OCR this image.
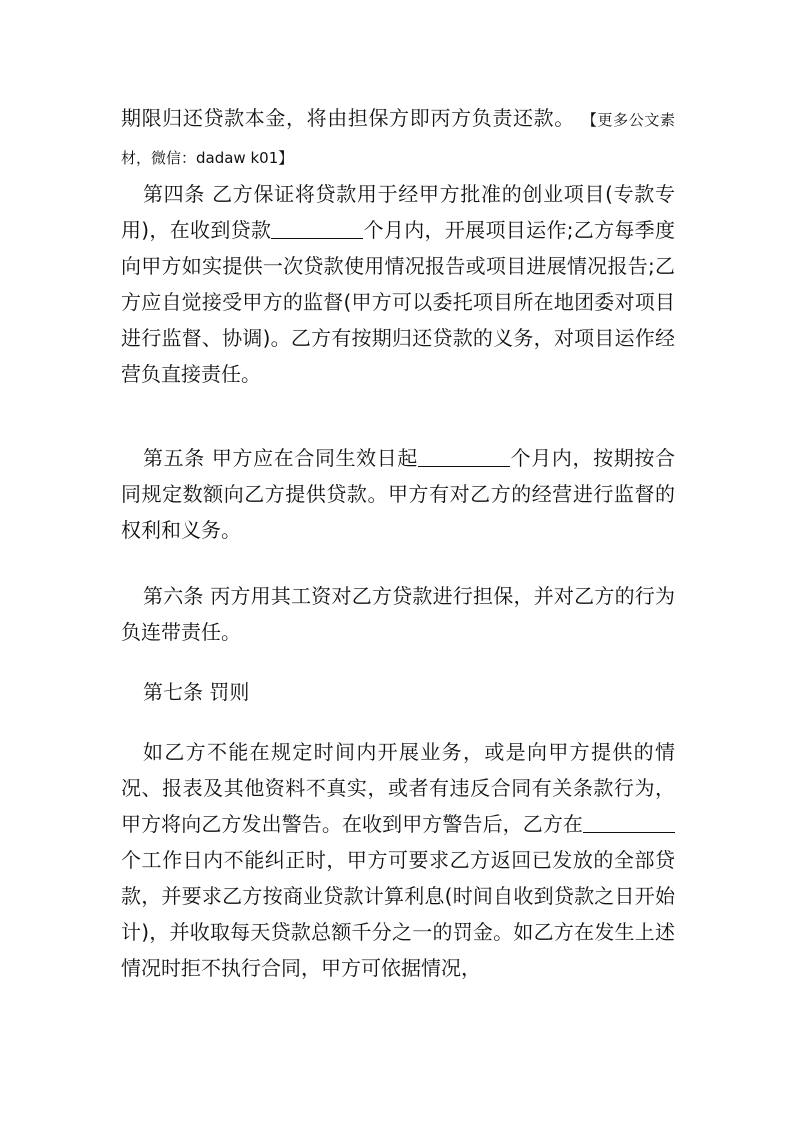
期限归还贷款本金，将由担保方即丙方负责还款。 【更多公文素材，微信：dadaw k01】

第四条 乙方保证将贷款用于经甲方批准的创业项目(专款专用)，在收到贷款	个月内，开展项目运作;乙方每季度向甲方如实提供一次贷款使用情况报告或项目进展情况报告;乙方应自觉接受甲方的监督(甲方可以委托项目所在地团委对项目进行监督、协调)。乙方有按期归还贷款的义务，对项目运作经营负直接责任。

第五条 甲方应在合同生效日起	个月内，按期按合同规定数额向乙方提供贷款。甲方有对乙方的经营进行监督的权利和义务。

第六条 丙方用其工资对乙方贷款进行担保，并对乙方的行为负连带责任。

第七条 罚则

如乙方不能在规定时间内开展业务，或是向甲方提供的情况、报表及其他资料不真实，或者有违反合同有关条款行为，甲方将向乙方发出警告。在收到甲方警告后，乙方在个工作日内不能纠正时，甲方可要求乙方返回已发放的全部贷款，并要求乙方按商业贷款计算利息(时间自收到贷款之日开始计)，并收取每天贷款总额千分之一的罚金。如乙方在发生上述情况时拒不执行合同，甲方可依据情况，
